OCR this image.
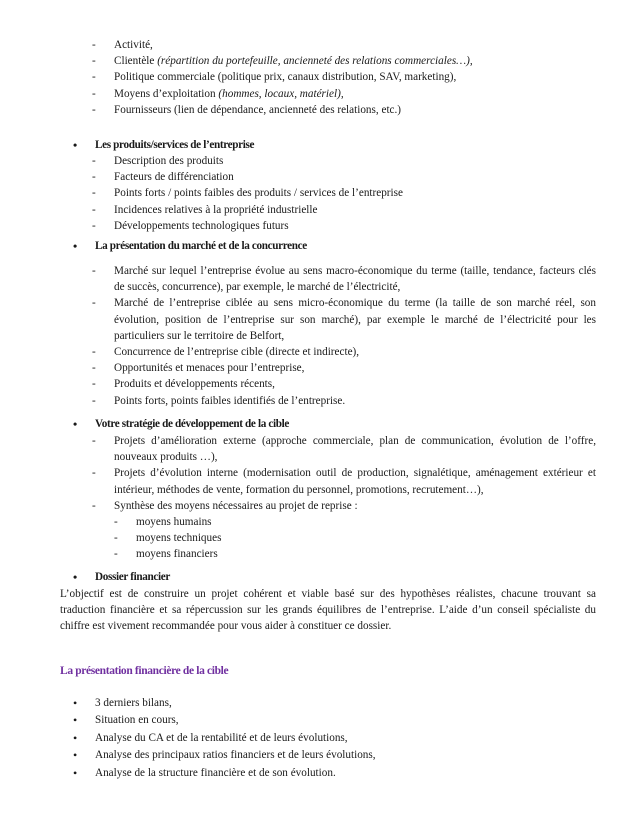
- Activité,
- Clientèle (répartition du portefeuille, ancienneté des relations commerciales…),
- Politique commerciale (politique prix, canaux distribution, SAV, marketing),
- Moyens d’exploitation (hommes, locaux, matériel),
- Fournisseurs (lien de dépendance, ancienneté des relations, etc.)
• Les produits/services de l’entreprise
- Description des produits
- Facteurs de différenciation
- Points forts / points faibles des produits / services de l’entreprise
- Incidences relatives à la propriété industrielle
- Développements technologiques futurs
• La présentation du marché et de la concurrence
- Marché sur lequel l’entreprise évolue au sens macro-économique du terme (taille, tendance, facteurs clés de succès, concurrence), par exemple, le marché de l’électricité,
- Marché de l’entreprise ciblée au sens micro-économique du terme (la taille de son marché réel, son évolution, position de l’entreprise sur son marché), par exemple le marché de l’électricité pour les particuliers sur le territoire de Belfort,
- Concurrence de l’entreprise cible (directe et indirecte),
- Opportunités et menaces pour l’entreprise,
- Produits et développements récents,
- Points forts, points faibles identifiés de l’entreprise.
• Votre stratégie de développement de la cible
- Projets d’amélioration externe (approche commerciale, plan de communication, évolution de l’offre, nouveaux produits …),
- Projets d’évolution interne (modernisation outil de production, signalétique, aménagement extérieur et intérieur, méthodes de vente, formation du personnel, promotions, recrutement…),
- Synthèse des moyens nécessaires au projet de reprise :
- moyens humains
- moyens techniques
- moyens financiers
• Dossier financier

L’objectif est de construire un projet cohérent et viable basé sur des hypothèses réalistes, chacune trouvant sa traduction financière et sa répercussion sur les grands équilibres de l’entreprise. L’aide d’un conseil spécialiste du chiffre est vivement recommandée pour vous aider à constituer ce dossier.

La présentation financière de la cible
• 3 derniers bilans,
• Situation en cours,
• Analyse du CA et de la rentabilité et de leurs évolutions,
• Analyse des principaux ratios financiers et de leurs évolutions,
• Analyse de la structure financière et de son évolution.
